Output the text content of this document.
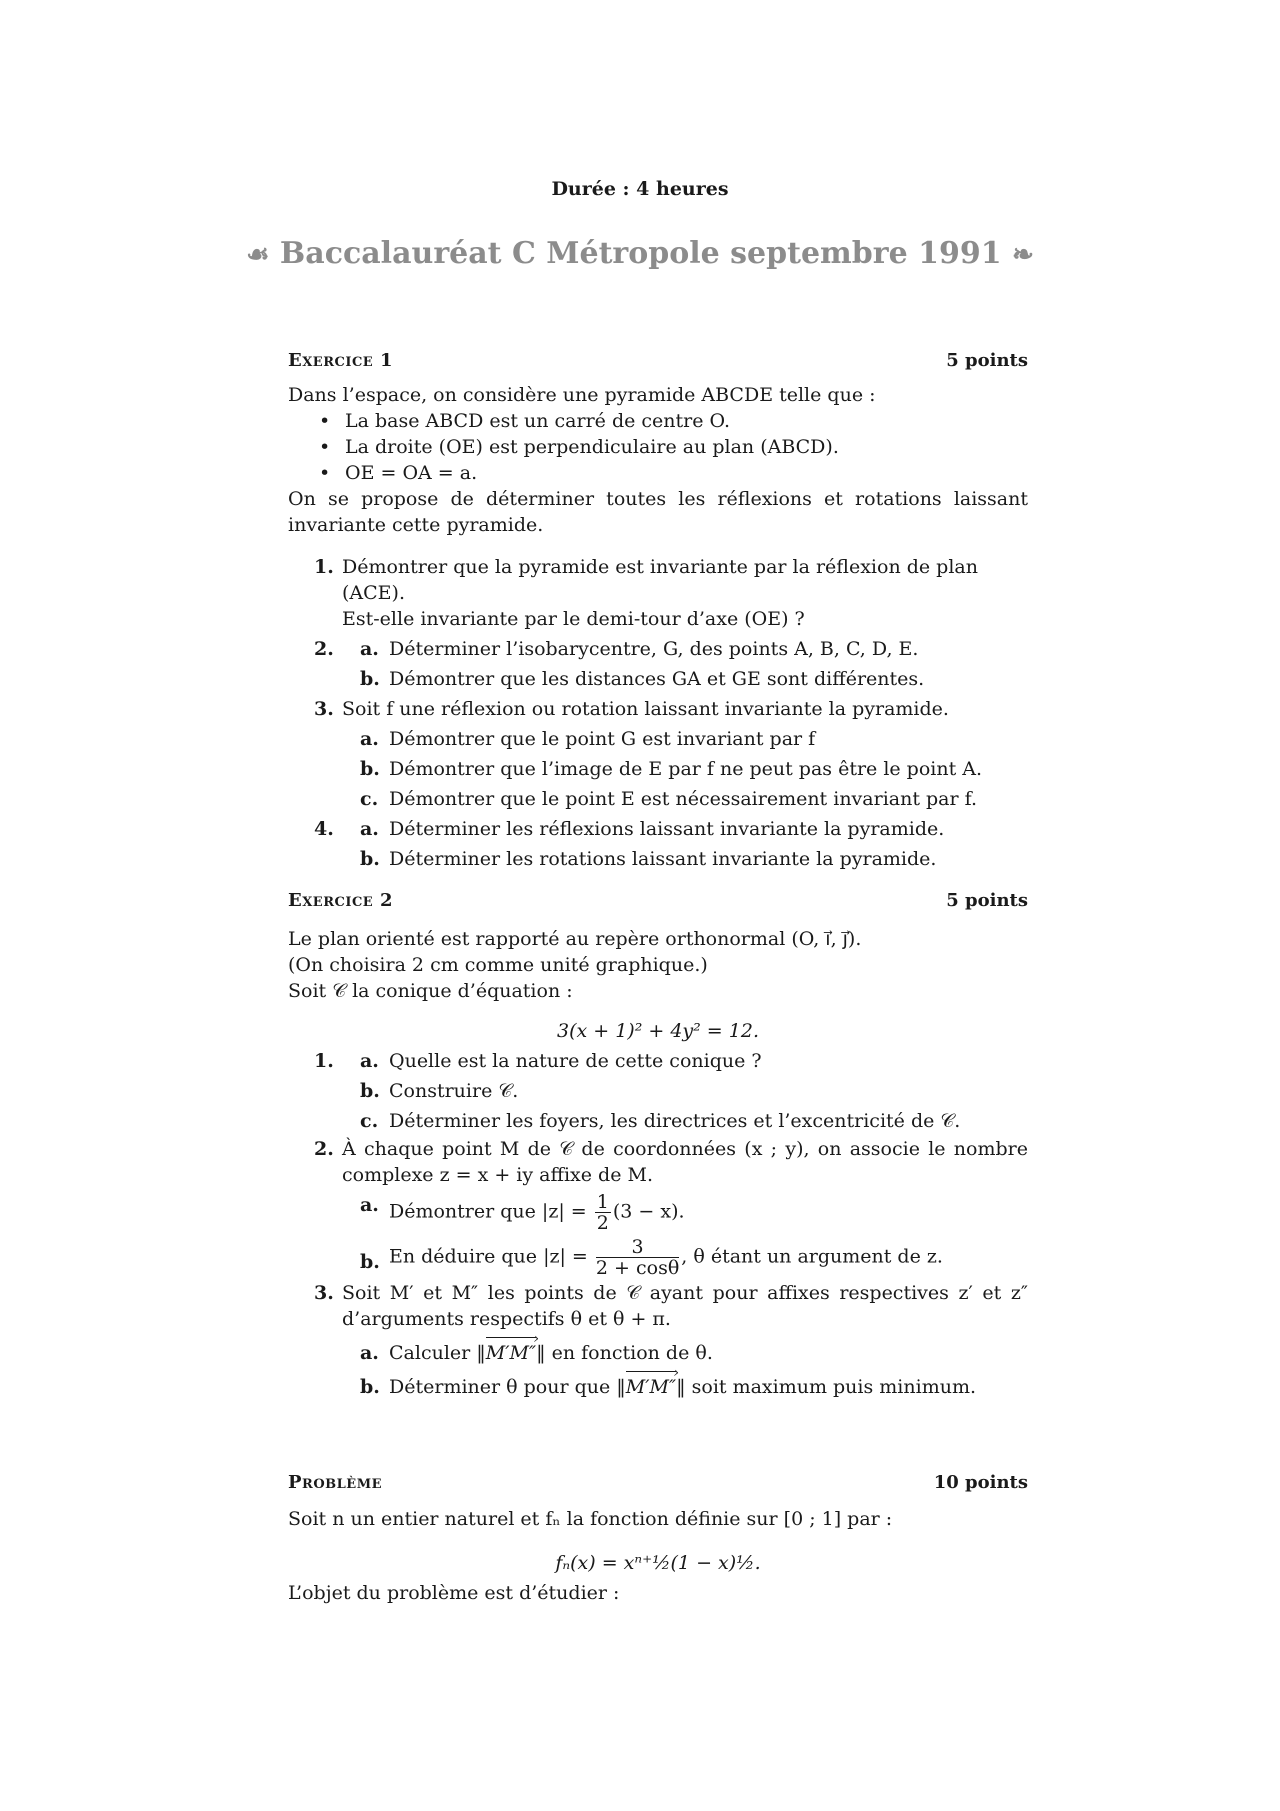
Durée : 4 heures
☙ Baccalauréat C Métropole septembre 1991 ❧
Exercice 1	5 points

Dans l’espace, on considère une pyramide ABCDE telle que :

• La base ABCD est un carré de centre O.
• La droite (OE) est perpendiculaire au plan (ABCD).
• OE = OA = a.

On se propose de déterminer toutes les réflexions et rotations laissant invariante cette pyramide.

1. Démontrer que la pyramide est invariante par la réflexion de plan (ACE).
Est-elle invariante par le demi-tour d’axe (OE) ?

2. a. Déterminer l’isobarycentre, G, des points A, B, C, D, E.

b. Démontrer que les distances GA et GE sont différentes.

3. Soit f une réflexion ou rotation laissant invariante la pyramide.

a. Démontrer que le point G est invariant par f

b. Démontrer que l’image de E par f ne peut pas être le point A.

c. Démontrer que le point E est nécessairement invariant par f.

4. a. Déterminer les réflexions laissant invariante la pyramide.

b. Déterminer les rotations laissant invariante la pyramide.

Exercice 2	5 points

Le plan orienté est rapporté au repère orthonormal (O, ı⃗, ȷ⃗).

(On choisira 2 cm comme unité graphique.)

Soit 𝒞 la conique d’équation :

3(x + 1)² + 4y² = 12.

1. a. Quelle est la nature de cette conique ?

b. Construire 𝒞.

c. Déterminer les foyers, les directrices et l’excentricité de 𝒞.

2. À chaque point M de 𝒞 de coordonnées (x ; y), on associe le nombre complexe z = x + iy affixe de M.

a. Démontrer que $|z| = \frac{1}{2} (3 - x)$.

b. En déduire que $|z| = \frac{3}{2 + \cos\theta}$ , θ étant un argument de z.

3. Soit M′ et M″ les points de 𝒞 ayant pour affixes respectives z′ et z″ d’arguments respectifs θ et θ + π.

a. Calculer ‖M′M″ ›‖ en fonction de θ.

b. Déterminer θ pour que ‖M′M″ ›‖ soit maximum puis minimum.

Problème	10 points

Soit n un entier naturel et fₙ la fonction définie sur [0 ; 1] par :

fₙ(x) = xⁿ⁺½(1 − x)½.

L’objet du problème est d’étudier :
